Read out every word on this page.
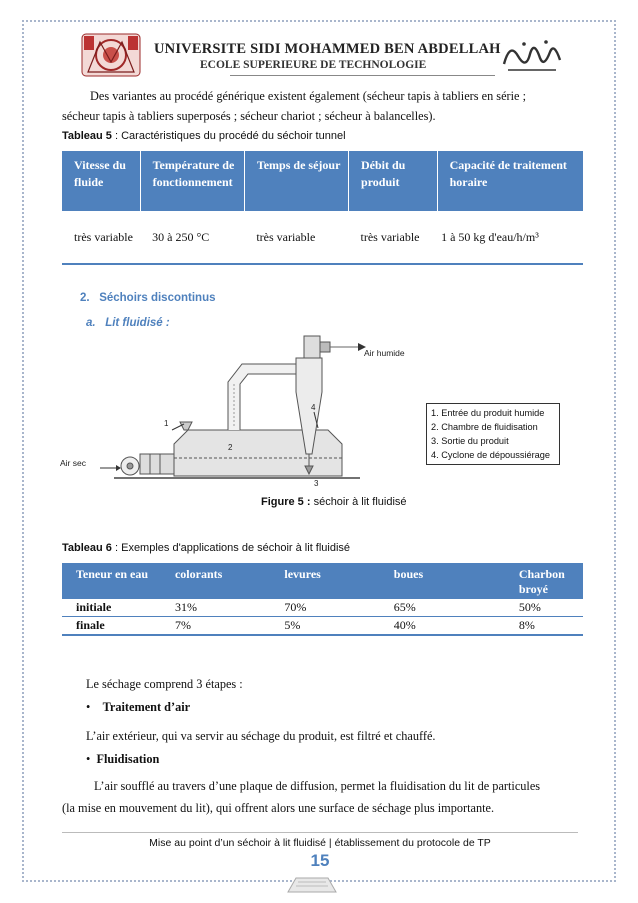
UNIVERSITE SIDI MOHAMMED BEN ABDELLAH
ECOLE SUPERIEURE DE TECHNOLOGIE
Des variantes au procédé générique existent également (sécheur tapis à tabliers en série ;
sécheur tapis à tabliers superposés ; sécheur chariot ; sécheur à balancelles).
Tableau 5 : Caractéristiques du procédé du séchoir tunnel
Vitesse du fluide	Température de fonctionnement	Temps de séjour	Débit du produit	Capacité de traitement horaire
très variable	30 à 250 °C	très variable	très variable	1 à 50 kg d'eau/h/m³
2. Séchoirs discontinus
a. Lit fluidisé :
Air humide
Air sec
1
2
3
4
1. Entrée du produit humide
2. Chambre de fluidisation
3. Sortie du produit
4. Cyclone de dépoussiérage
Figure 5 : séchoir à lit fluidisé
Tableau 6 : Exemples d'applications de séchoir à lit fluidisé
Teneur en eau	colorants	levures	boues	Charbon broyé
initiale	31%	70%	65%	50%
finale	7%	5%	40%	8%
Le séchage comprend 3 étapes :
• Traitement d’air
L’air extérieur, qui va servir au séchage du produit, est filtré et chauffé.
• Fluidisation
L’air soufflé au travers d’une plaque de diffusion, permet la fluidisation du lit de particules
(la mise en mouvement du lit), qui offrent alors une surface de séchage plus importante.
Mise au point d’un séchoir à lit fluidisé | établissement du protocole de TP
15
